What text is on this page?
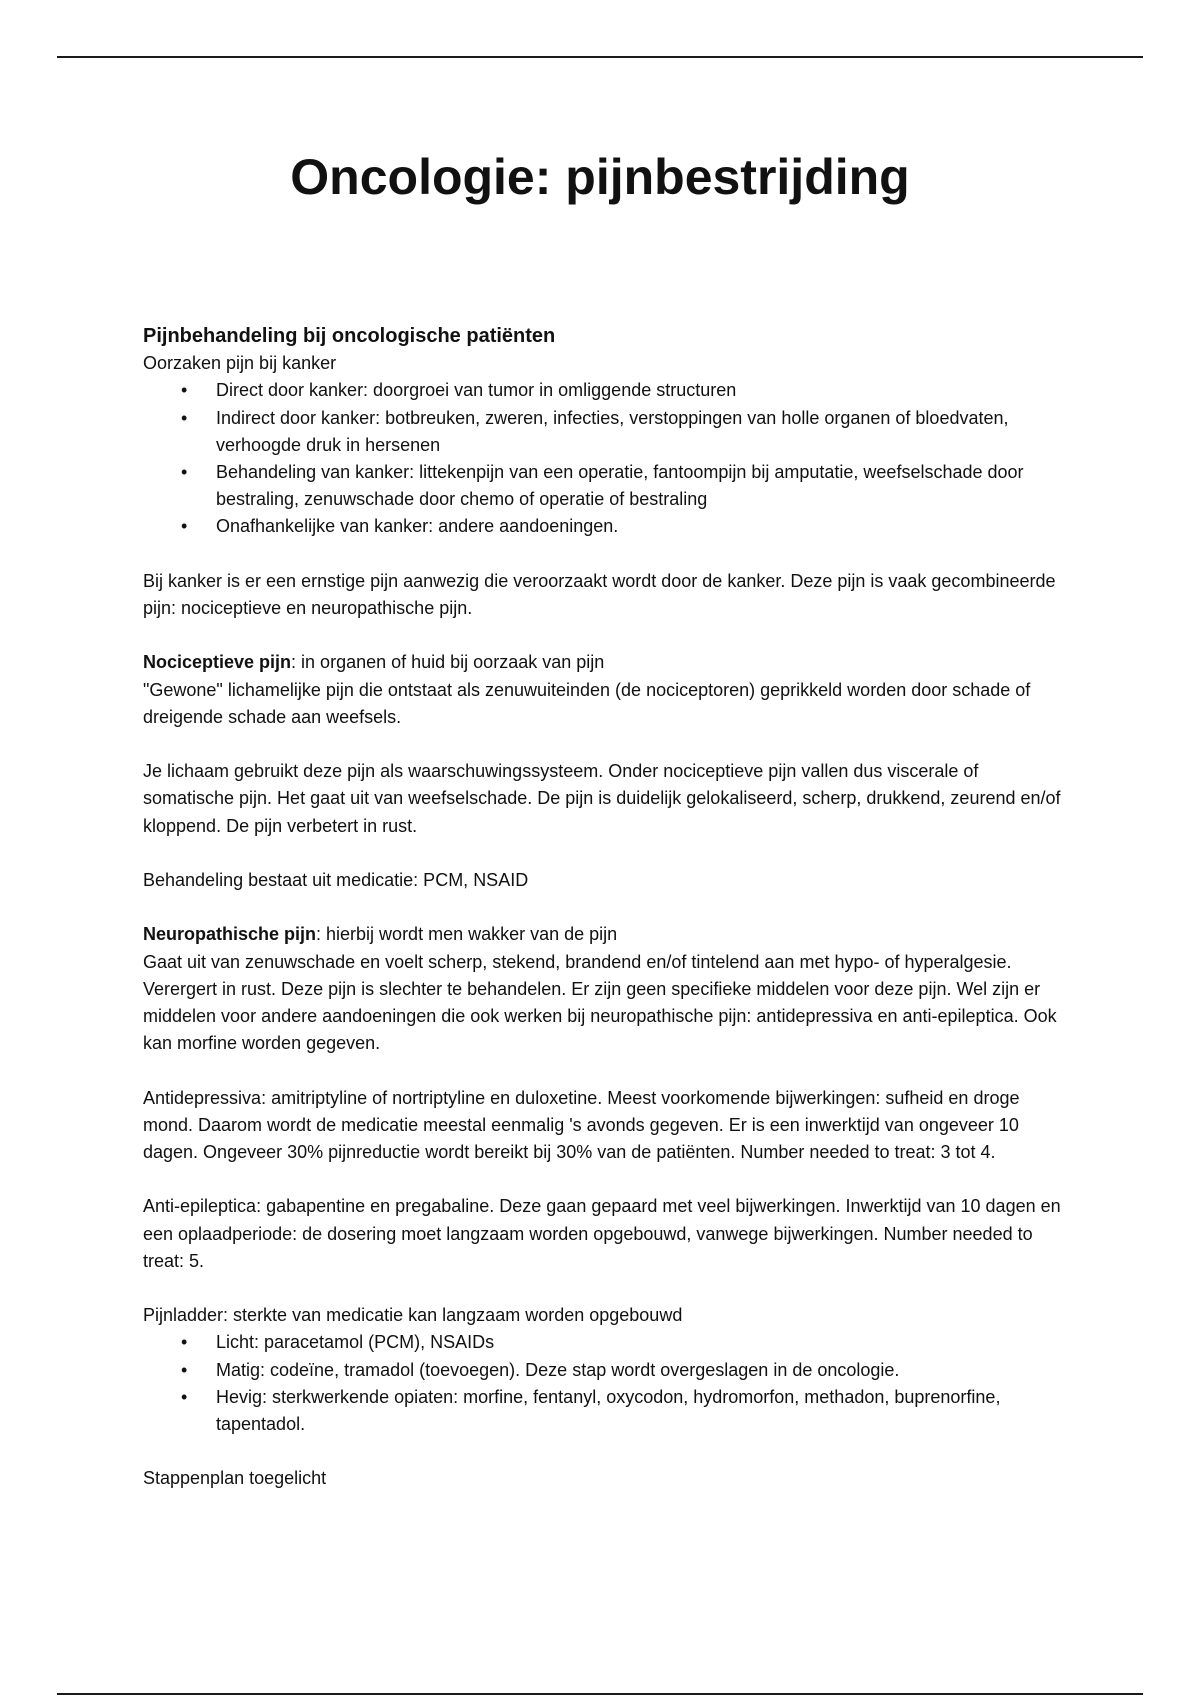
Oncologie: pijnbestrijding
Pijnbehandeling bij oncologische patiënten

Oorzaken pijn bij kanker

• Direct door kanker: doorgroei van tumor in omliggende structuren
• Indirect door kanker: botbreuken, zweren, infecties, verstoppingen van holle organen of bloedvaten, verhoogde druk in hersenen
• Behandeling van kanker: littekenpijn van een operatie, fantoompijn bij amputatie, weefselschade door bestraling, zenuwschade door chemo of operatie of bestraling
• Onafhankelijke van kanker: andere aandoeningen.

Bij kanker is er een ernstige pijn aanwezig die veroorzaakt wordt door de kanker. Deze pijn is vaak gecombineerde pijn: nociceptieve en neuropathische pijn.

Nociceptieve pijn: in organen of huid bij oorzaak van pijn

"Gewone" lichamelijke pijn die ontstaat als zenuwuiteinden (de nociceptoren) geprikkeld worden door schade of dreigende schade aan weefsels.

Je lichaam gebruikt deze pijn als waarschuwingssysteem. Onder nociceptieve pijn vallen dus viscerale of somatische pijn. Het gaat uit van weefselschade. De pijn is duidelijk gelokaliseerd, scherp, drukkend, zeurend en/of kloppend. De pijn verbetert in rust.

Behandeling bestaat uit medicatie: PCM, NSAID

Neuropathische pijn: hierbij wordt men wakker van de pijn

Gaat uit van zenuwschade en voelt scherp, stekend, brandend en/of tintelend aan met hypo- of hyperalgesie. Verergert in rust. Deze pijn is slechter te behandelen. Er zijn geen specifieke middelen voor deze pijn. Wel zijn er middelen voor andere aandoeningen die ook werken bij neuropathische pijn: antidepressiva en anti-epileptica. Ook kan morfine worden gegeven.

Antidepressiva: amitriptyline of nortriptyline en duloxetine. Meest voorkomende bijwerkingen: sufheid en droge mond. Daarom wordt de medicatie meestal eenmalig 's avonds gegeven. Er is een inwerktijd van ongeveer 10 dagen. Ongeveer 30% pijnreductie wordt bereikt bij 30% van de patiënten. Number needed to treat: 3 tot 4.

Anti-epileptica: gabapentine en pregabaline. Deze gaan gepaard met veel bijwerkingen. Inwerktijd van 10 dagen en een oplaadperiode: de dosering moet langzaam worden opgebouwd, vanwege bijwerkingen. Number needed to treat: 5.

Pijnladder: sterkte van medicatie kan langzaam worden opgebouwd

• Licht: paracetamol (PCM), NSAIDs
• Matig: codeïne, tramadol (toevoegen). Deze stap wordt overgeslagen in de oncologie.
• Hevig: sterkwerkende opiaten: morfine, fentanyl, oxycodon, hydromorfon, methadon, buprenorfine, tapentadol.

Stappenplan toegelicht
